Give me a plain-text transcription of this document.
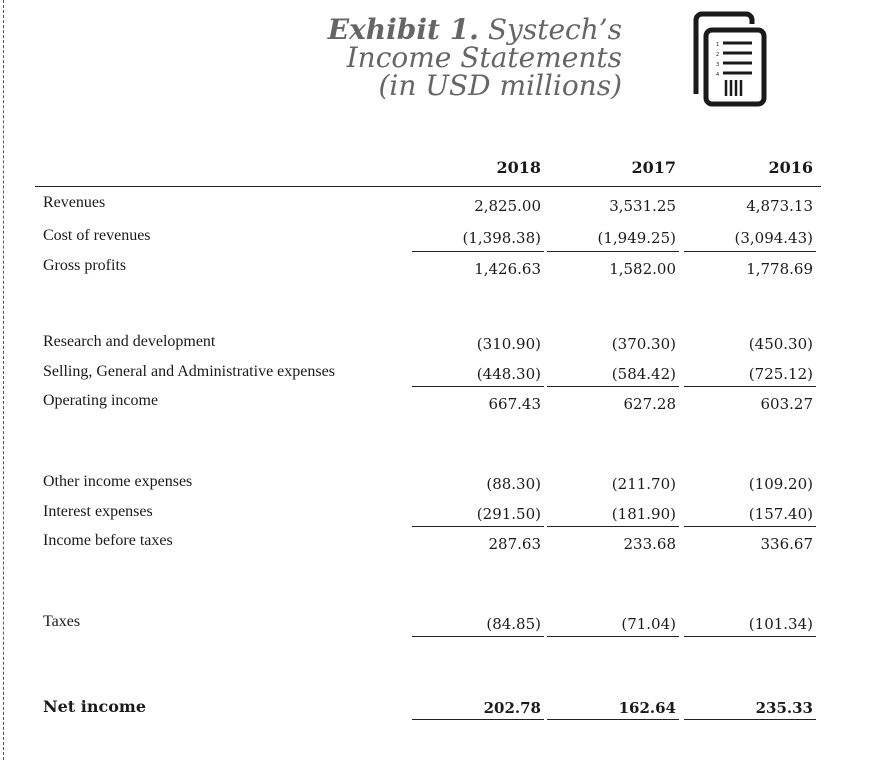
Exhibit 1. Systech’s
Income Statements
(in USD millions)
1
2
3
4
2018	2017	2016
Revenues	2,825.00	3,531.25	4,873.13
Cost of revenues	(1,398.38)	(1,949.25)	(3,094.43)
Gross profits	1,426.63	1,582.00	1,778.69
Research and development	(310.90)	(370.30)	(450.30)
Selling, General and Administrative expenses	(448.30)	(584.42)	(725.12)
Operating income	667.43	627.28	603.27
Other income expenses	(88.30)	(211.70)	(109.20)
Interest expenses	(291.50)	(181.90)	(157.40)
Income before taxes	287.63	233.68	336.67
Taxes	(84.85)	(71.04)	(101.34)
Net income	202.78	162.64	235.33
